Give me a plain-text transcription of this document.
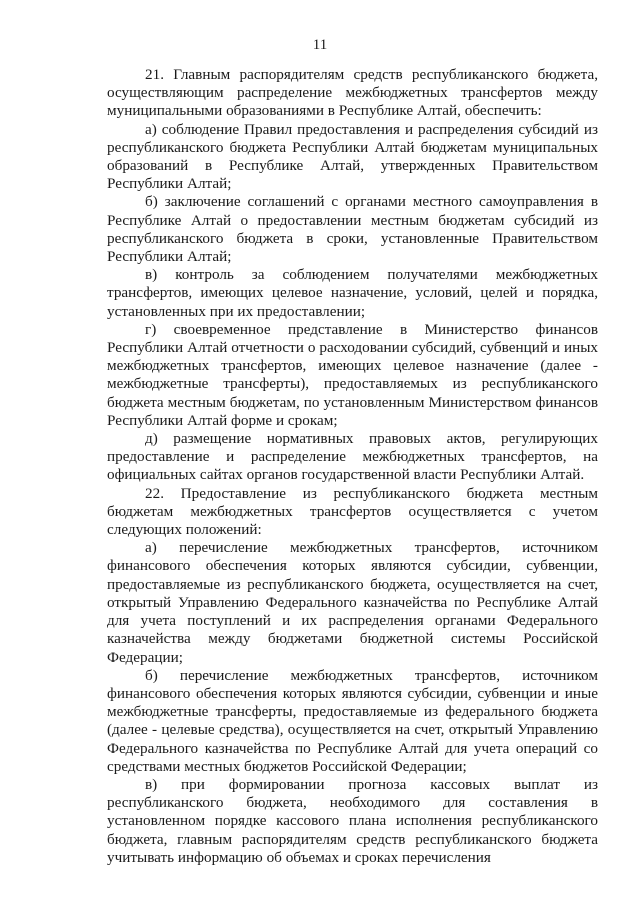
11

21. Главным распорядителям средств республиканского бюджета, осуществляющим распределение межбюджетных трансфертов между муниципальными образованиями в Республике Алтай, обеспечить:

а) соблюдение Правил предоставления и распределения субсидий из республиканского бюджета Республики Алтай бюджетам муниципальных образований в Республике Алтай, утвержденных Правительством Республики Алтай;

б) заключение соглашений с органами местного самоуправления в Республике Алтай о предоставлении местным бюджетам субсидий из республиканского бюджета в сроки, установленные Правительством Республики Алтай;

в) контроль за соблюдением получателями межбюджетных трансфертов, имеющих целевое назначение, условий, целей и порядка, установленных при их предоставлении;

г) своевременное представление в Министерство финансов Республики Алтай отчетности о расходовании субсидий, субвенций и иных межбюджетных трансфертов, имеющих целевое назначение (далее - межбюджетные трансферты), предоставляемых из республиканского бюджета местным бюджетам, по установленным Министерством финансов Республики Алтай форме и срокам;

д) размещение нормативных правовых актов, регулирующих предоставление и распределение межбюджетных трансфертов, на официальных сайтах органов государственной власти Республики Алтай.

22. Предоставление из республиканского бюджета местным бюджетам межбюджетных трансфертов осуществляется с учетом следующих положений:

а) перечисление межбюджетных трансфертов, источником финансового обеспечения которых являются субсидии, субвенции, предоставляемые из республиканского бюджета, осуществляется на счет, открытый Управлению Федерального казначейства по Республике Алтай для учета поступлений и их распределения органами Федерального казначейства между бюджетами бюджетной системы Российской Федерации;

б) перечисление межбюджетных трансфертов, источником финансового обеспечения которых являются субсидии, субвенции и иные межбюджетные трансферты, предоставляемые из федерального бюджета (далее - целевые средства), осуществляется на счет, открытый Управлению Федерального казначейства по Республике Алтай для учета операций со средствами местных бюджетов Российской Федерации;

в) при формировании прогноза кассовых выплат из республиканского бюджета, необходимого для составления в установленном порядке кассового плана исполнения республиканского бюджета, главным распорядителям средств республиканского бюджета учитывать информацию об объемах и сроках перечисления
